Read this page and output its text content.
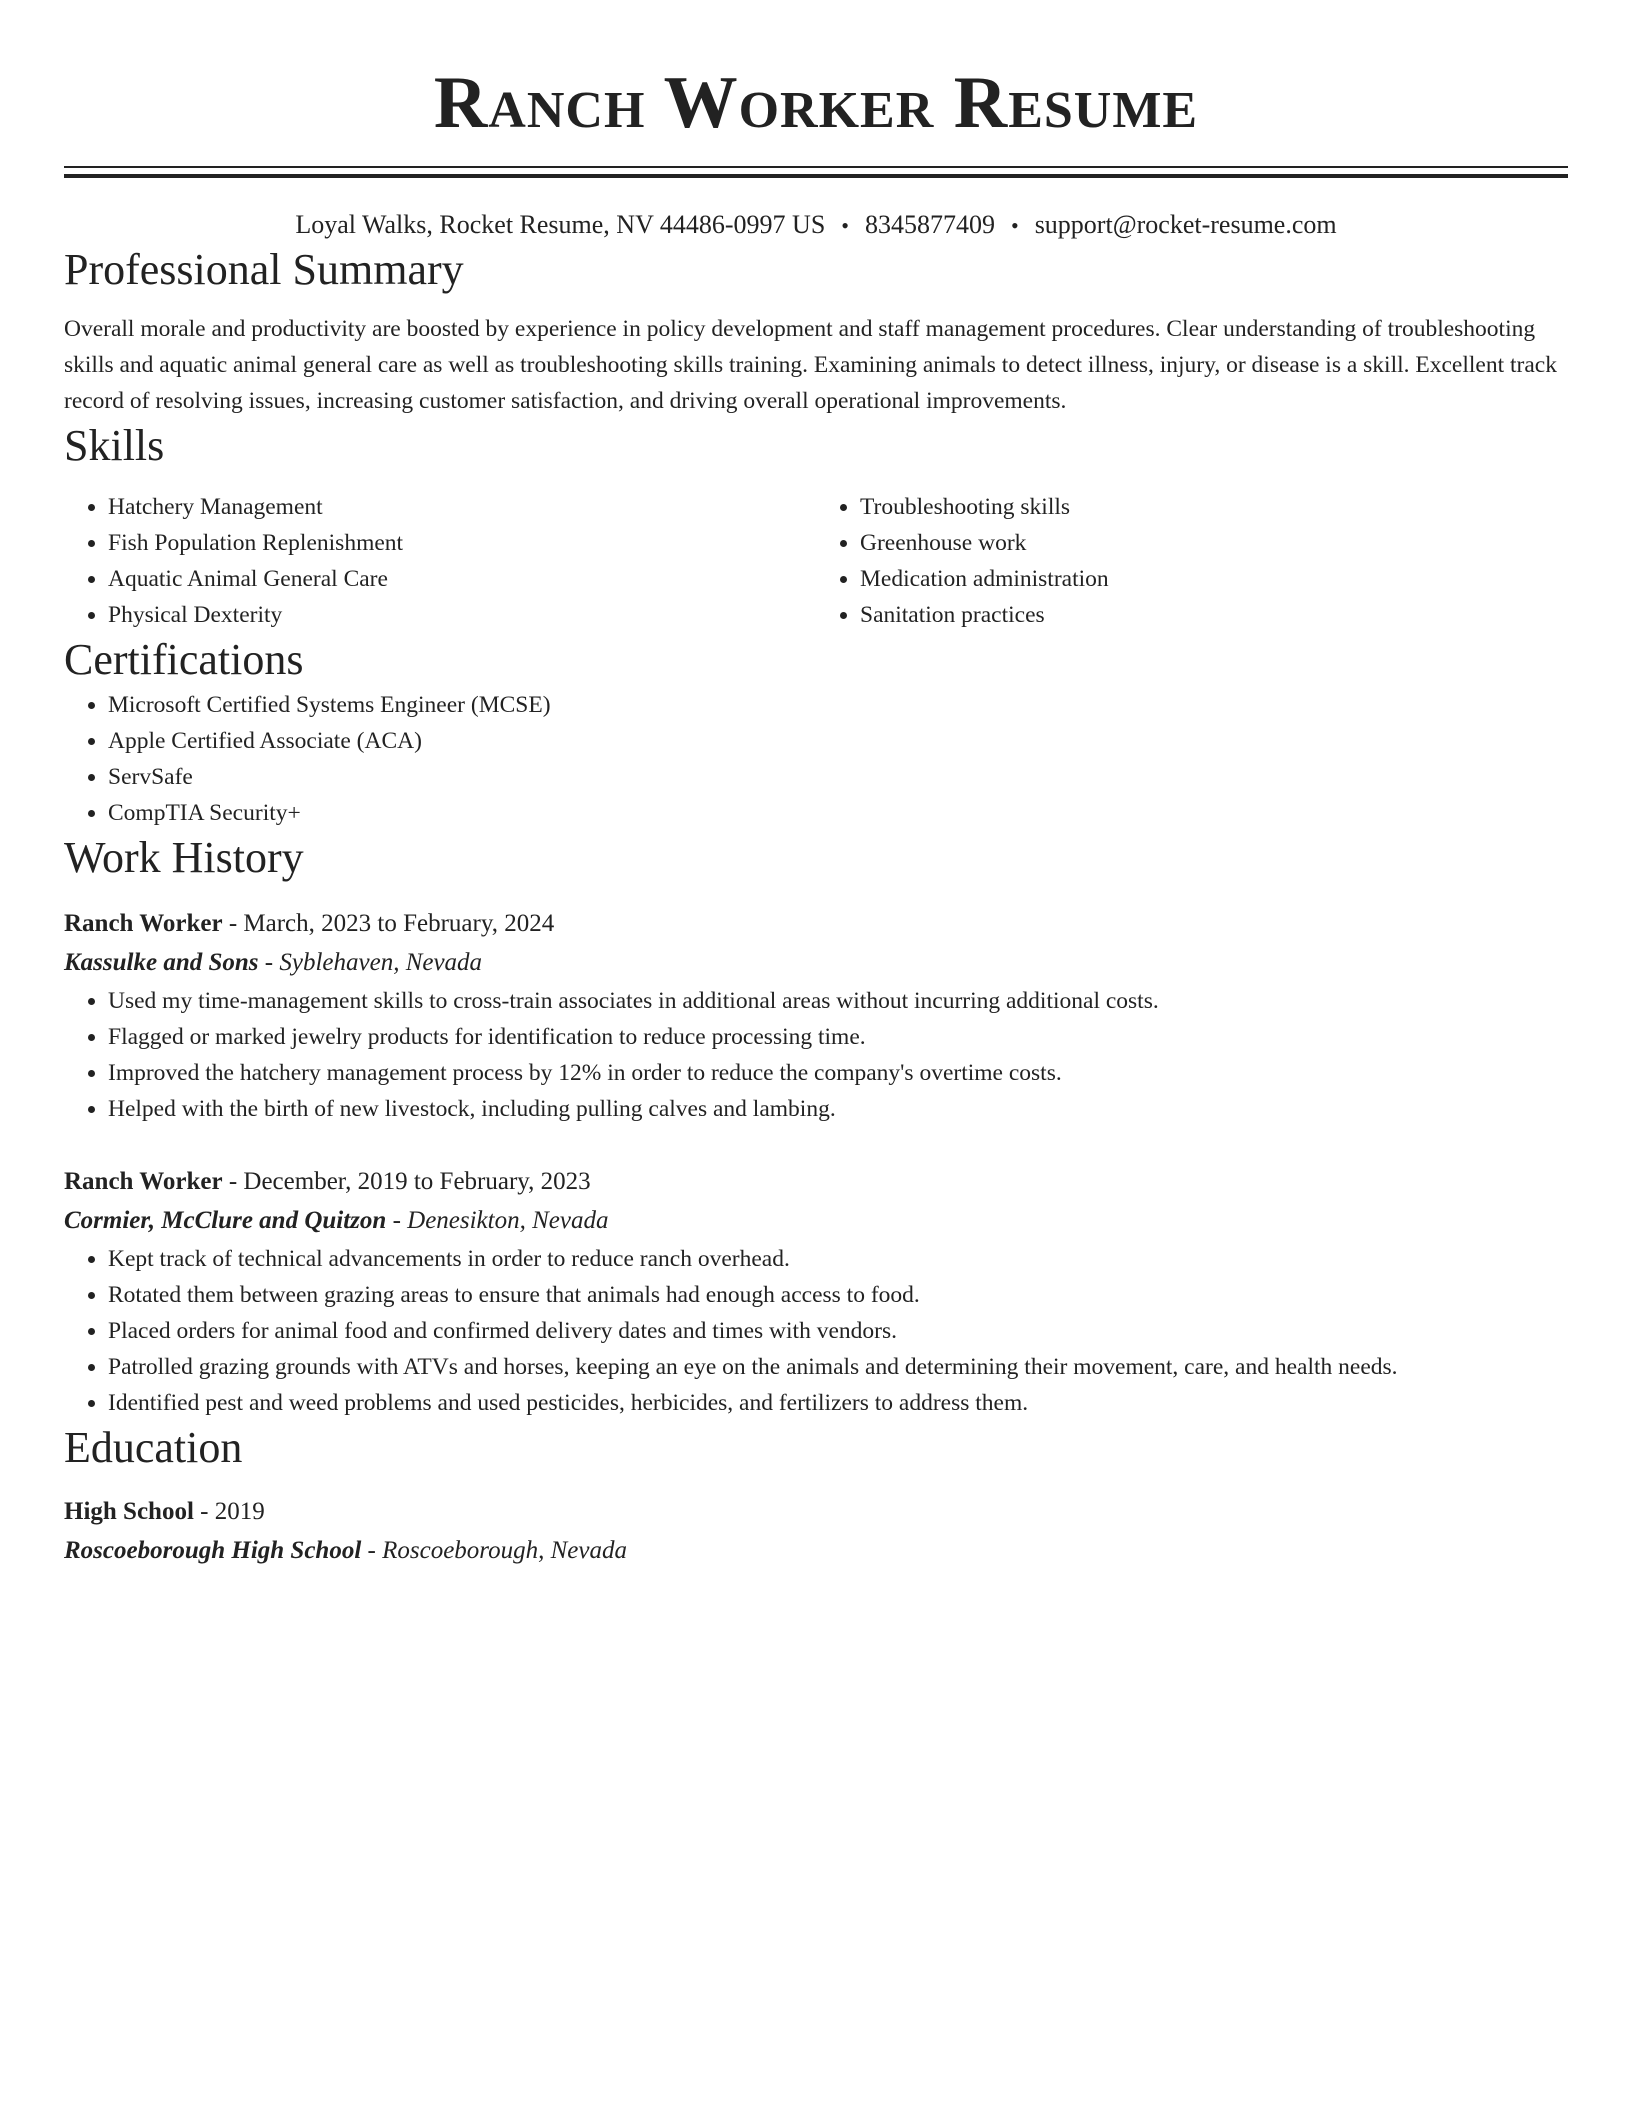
Ranch Worker Resume
Loyal Walks, Rocket Resume, NV 44486-0997 US • 8345877409 • support@rocket-resume.com
Professional Summary

Overall morale and productivity are boosted by experience in policy development and staff management procedures. Clear understanding of troubleshooting skills and aquatic animal general care as well as troubleshooting skills training. Examining animals to detect illness, injury, or disease is a skill. Excellent track record of resolving issues, increasing customer satisfaction, and driving overall operational improvements.

Skills
• Hatchery Management
• Fish Population Replenishment
• Aquatic Animal General Care
• Physical Dexterity
• Troubleshooting skills
• Greenhouse work
• Medication administration
• Sanitation practices
Certifications
• Microsoft Certified Systems Engineer (MCSE)
• Apple Certified Associate (ACA)
• ServSafe
• CompTIA Security+
Work History
Ranch Worker - March, 2023 to February, 2024
Kassulke and Sons - Syblehaven, Nevada
• Used my time-management skills to cross-train associates in additional areas without incurring additional costs.
• Flagged or marked jewelry products for identification to reduce processing time.
• Improved the hatchery management process by 12% in order to reduce the company's overtime costs.
• Helped with the birth of new livestock, including pulling calves and lambing.
Ranch Worker - December, 2019 to February, 2023
Cormier, McClure and Quitzon - Denesikton, Nevada
• Kept track of technical advancements in order to reduce ranch overhead.
• Rotated them between grazing areas to ensure that animals had enough access to food.
• Placed orders for animal food and confirmed delivery dates and times with vendors.
• Patrolled grazing grounds with ATVs and horses, keeping an eye on the animals and determining their movement, care, and health needs.
• Identified pest and weed problems and used pesticides, herbicides, and fertilizers to address them.
Education
High School - 2019
Roscoeborough High School - Roscoeborough, Nevada
